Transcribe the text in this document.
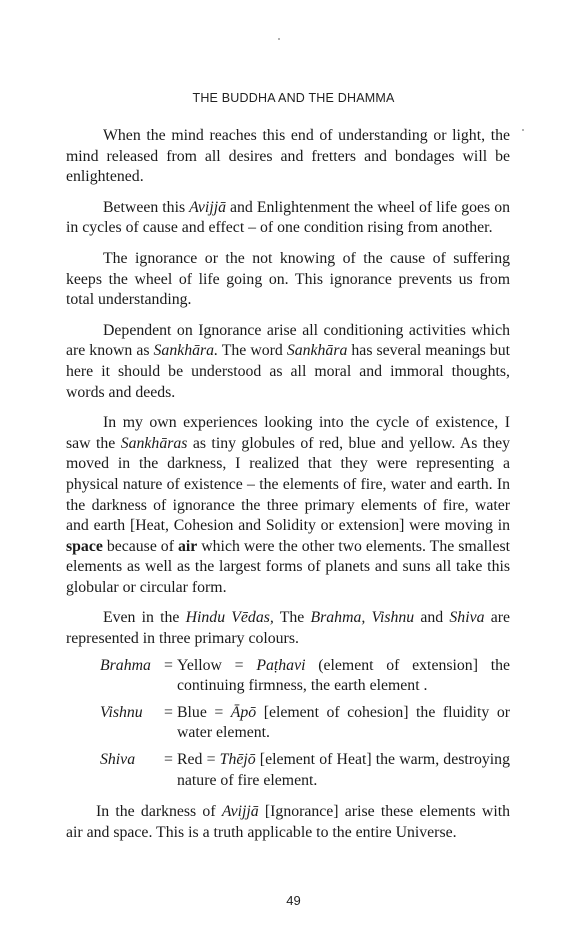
THE BUDDHA AND THE DHAMMA

When the mind reaches this end of understanding or light, the mind released from all desires and fretters and bondages will be enlightened.

Between this Avijjā and Enlightenment the wheel of life goes on in cycles of cause and effect – of one condition rising from another.

The ignorance or the not knowing of the cause of suffering keeps the wheel of life going on. This ignorance prevents us from total understanding.

Dependent on Ignorance arise all conditioning activities which are known as Sankhāra. The word Sankhāra has several meanings but here it should be understood as all moral and immoral thoughts, words and deeds.

In my own experiences looking into the cycle of existence, I saw the Sankhāras as tiny globules of red, blue and yellow. As they moved in the darkness, I realized that they were representing a physical nature of existence – the elements of fire, water and earth. In the darkness of ignorance the three primary elements of fire, water and earth [Heat, Cohesion and Solidity or extension] were moving in space because of air which were the other two elements. The smallest elements as well as the largest forms of planets and suns all take this globular or circular form.

Even in the Hindu Vēdas, The Brahma, Vishnu and Shiva are represented in three primary colours.

Brahma	=	Yellow = Paṭhavi (element of extension] the continuing firmness, the earth element .
Vishnu	=	Blue = Āpō [element of cohesion] the fluidity or water element.
Shiva	=	Red = Thējō [element of Heat] the warm, destroying nature of fire element.

In the darkness of Avijjā [Ignorance] arise these elements with air and space. This is a truth applicable to the entire Universe.

49
